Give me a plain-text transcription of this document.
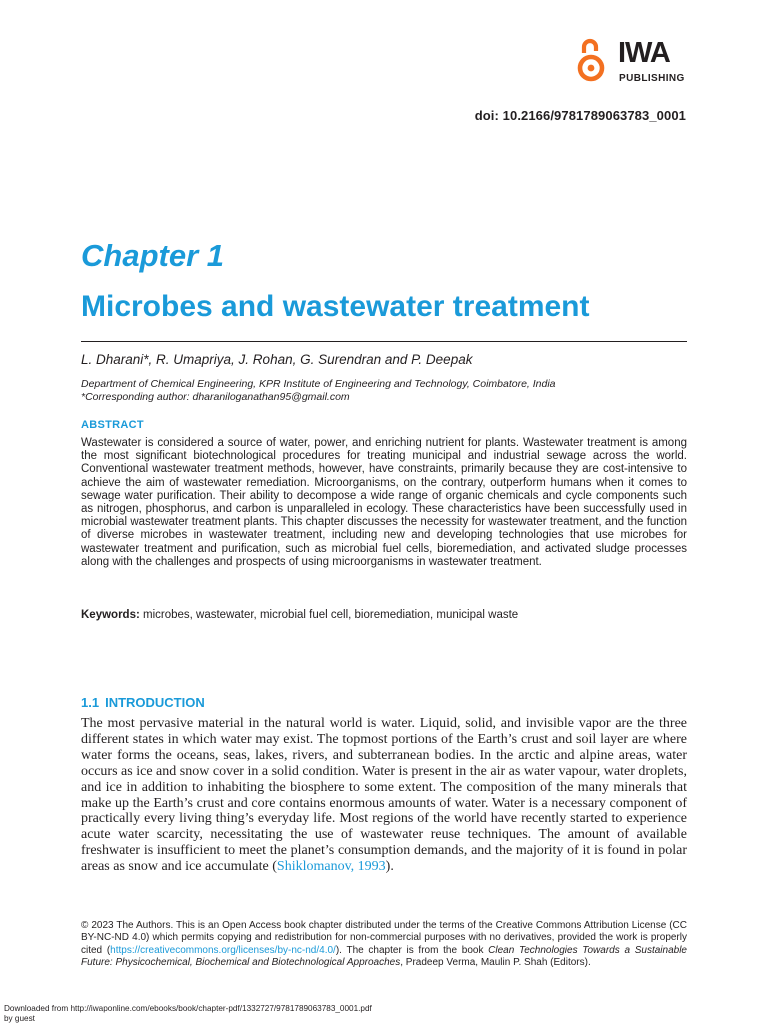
IWA
PUBLISHING
doi: 10.2166/9781789063783_0001
Chapter 1
Microbes and wastewater treatment
L. Dharani*, R. Umapriya, J. Rohan, G. Surendran and P. Deepak
Department of Chemical Engineering, KPR Institute of Engineering and Technology, Coimbatore, India
*Corresponding author: dharaniloganathan95@gmail.com
ABSTRACT
Wastewater is considered a source of water, power, and enriching nutrient for plants. Wastewater treatment is among the most significant biotechnological procedures for treating municipal and industrial sewage across the world. Conventional wastewater treatment methods, however, have constraints, primarily because they are cost-intensive to achieve the aim of wastewater remediation. Microorganisms, on the contrary, outperform humans when it comes to sewage water purification. Their ability to decompose a wide range of organic chemicals and cycle components such as nitrogen, phosphorus, and carbon is unparalleled in ecology. These characteristics have been successfully used in microbial wastewater treatment plants. This chapter discusses the necessity for wastewater treatment, and the function of diverse microbes in wastewater treatment, including new and developing technologies that use microbes for wastewater treatment and purification, such as microbial fuel cells, bioremediation, and activated sludge processes along with the challenges and prospects of using microorganisms in wastewater treatment.
Keywords: microbes, wastewater, microbial fuel cell, bioremediation, municipal waste
1.1 INTRODUCTION
The most pervasive material in the natural world is water. Liquid, solid, and invisible vapor are the three different states in which water may exist. The topmost portions of the Earth’s crust and soil layer are where water forms the oceans, seas, lakes, rivers, and subterranean bodies. In the arctic and alpine areas, water occurs as ice and snow cover in a solid condition. Water is present in the air as water vapour, water droplets, and ice in addition to inhabiting the biosphere to some extent. The composition of the many minerals that make up the Earth’s crust and core contains enormous amounts of water. Water is a necessary component of practically every living thing’s everyday life. Most regions of the world have recently started to experience acute water scarcity, necessitating the use of wastewater reuse techniques. The amount of available freshwater is insufficient to meet the planet’s consumption demands, and the majority of it is found in polar areas as snow and ice accumulate (Shiklomanov, 1993).
© 2023 The Authors. This is an Open Access book chapter distributed under the terms of the Creative Commons Attribution License (CC BY-NC-ND 4.0) which permits copying and redistribution for non-commercial purposes with no derivatives, provided the work is properly cited (https://creativecommons.org/licenses/by-nc-nd/4.0/). The chapter is from the book Clean Technologies Towards a Sustainable Future: Physicochemical, Biochemical and Biotechnological Approaches, Pradeep Verma, Maulin P. Shah (Editors).
Downloaded from http://iwaponline.com/ebooks/book/chapter-pdf/1332727/9781789063783_0001.pdf
by guest
